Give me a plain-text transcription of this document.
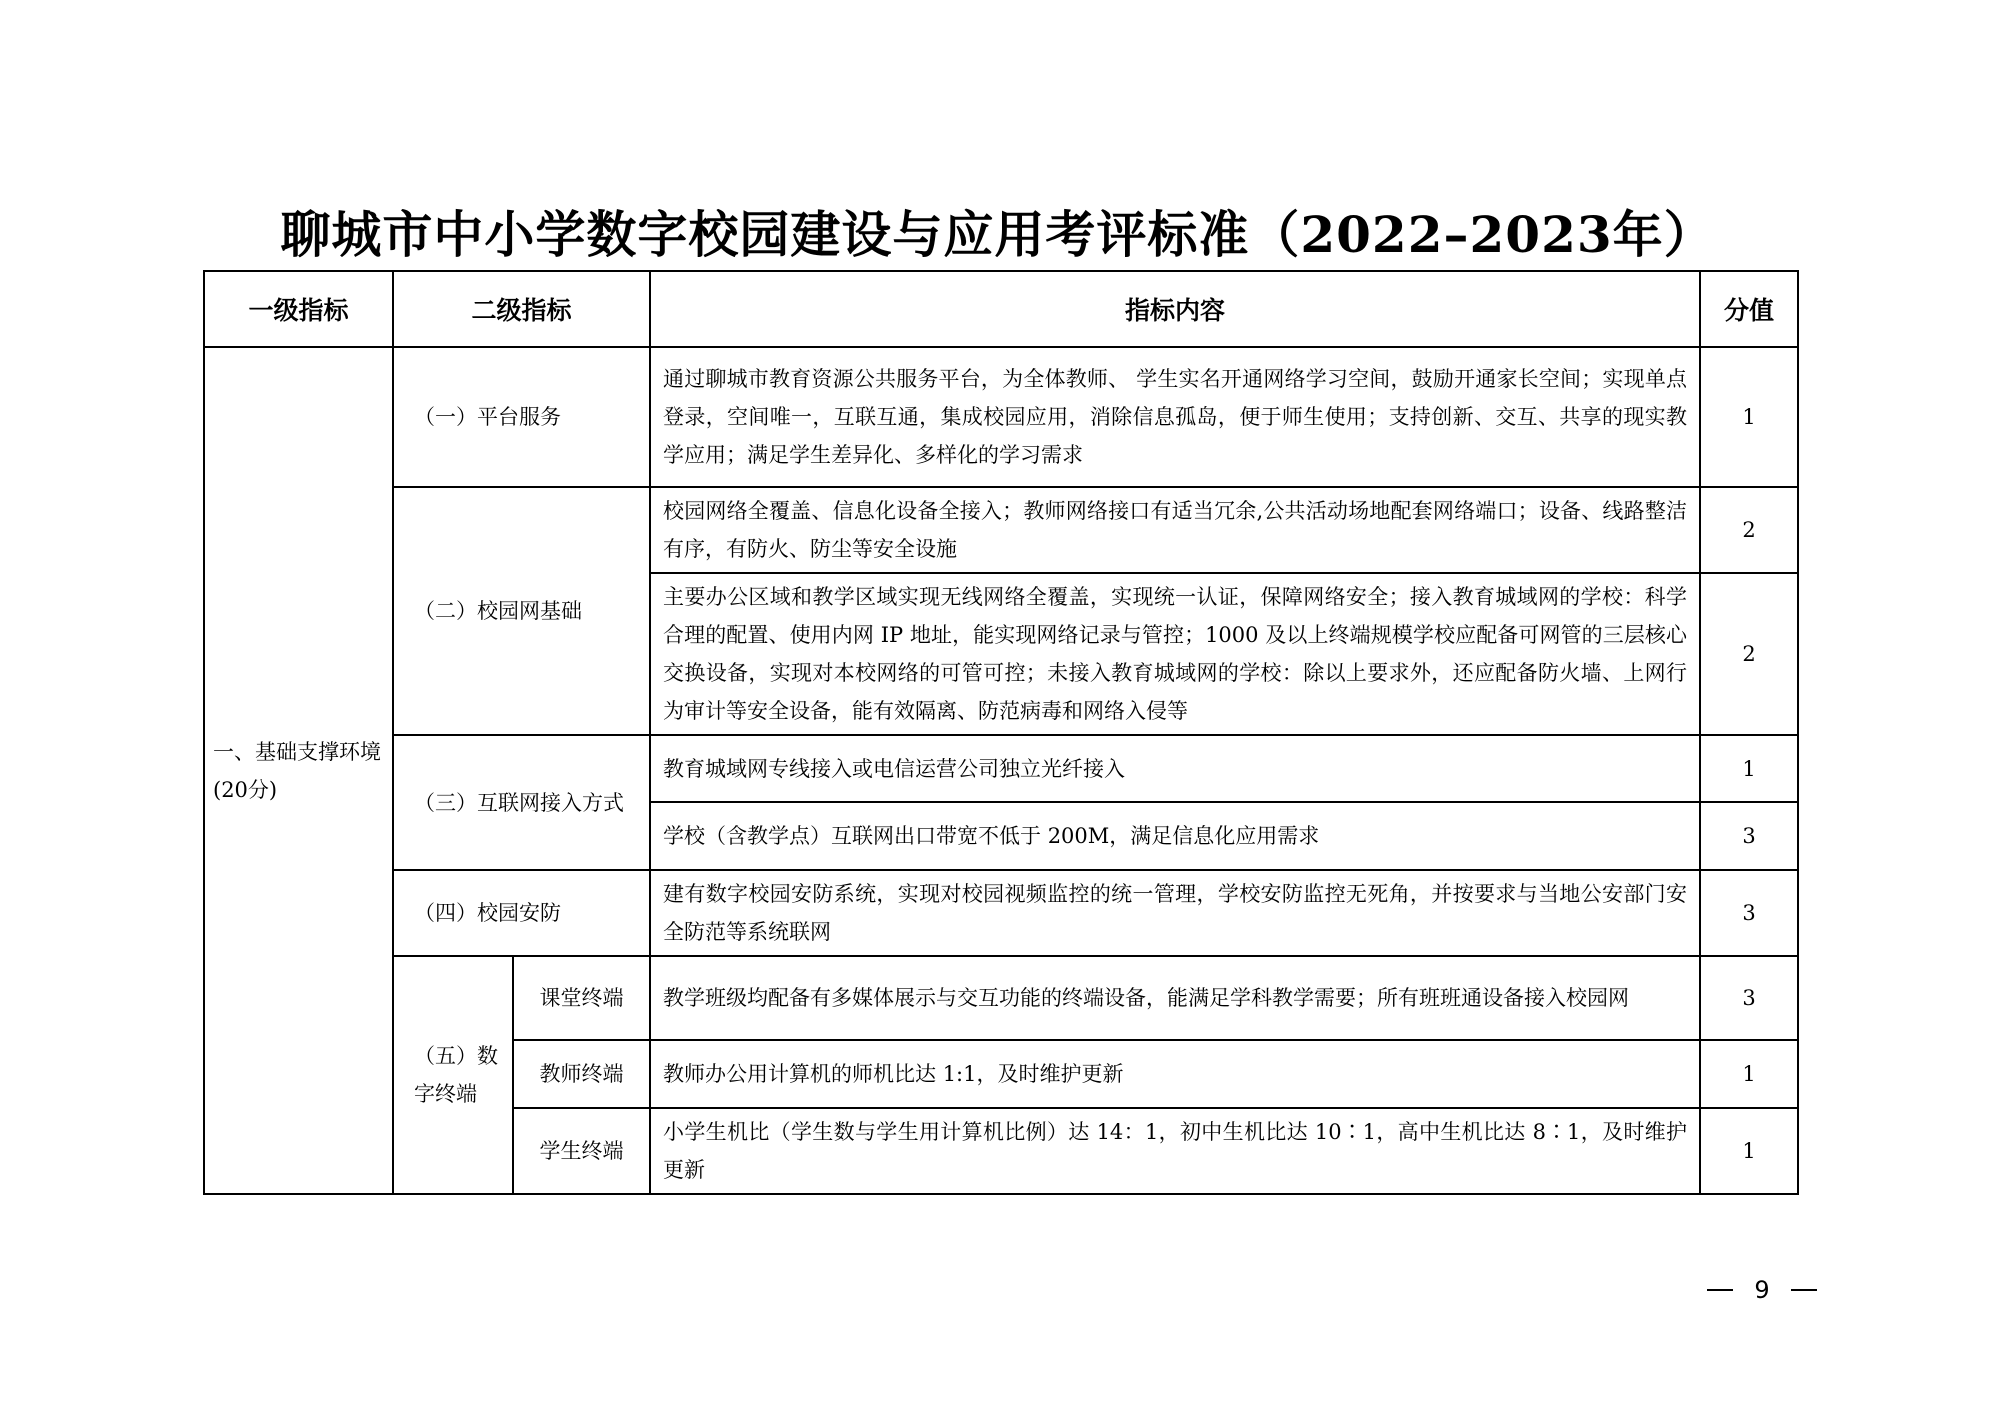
聊城市中小学数字校园建设与应用考评标准（2022–2023年）
一级指标	二级指标		指标内容	分值
一、基础支撑环境(20分)	（一）平台服务		通过聊城市教育资源公共服务平台，为全体教师、 学生实名开通网络学习空间，鼓励开通家长空间；实现单点登录，空间唯一，互联互通，集成校园应用，消除信息孤岛，便于师生使用；支持创新、交互、共享的现实教学应用；满足学生差异化、多样化的学习需求	1
	（二）校园网基础		校园网络全覆盖、信息化设备全接入；教师网络接口有适当冗余,公共活动场地配套网络端口；设备、线路整洁有序，有防火、防尘等安全设施	2
			主要办公区域和教学区域实现无线网络全覆盖，实现统一认证，保障网络安全；接入教育城域网的学校：科学合理的配置、使用内网 IP 地址，能实现网络记录与管控；1000 及以上终端规模学校应配备可网管的三层核心交换设备，实现对本校网络的可管可控；未接入教育城域网的学校：除以上要求外，还应配备防火墙、上网行为审计等安全设备，能有效隔离、防范病毒和网络入侵等	2
	（三）互联网接入方式		教育城域网专线接入或电信运营公司独立光纤接入	1
			学校（含教学点）互联网出口带宽不低于 200M，满足信息化应用需求	3
	（四）校园安防		建有数字校园安防系统，实现对校园视频监控的统一管理，学校安防监控无死角，并按要求与当地公安部门安全防范等系统联网	3
	（五）数字终端	课堂终端	教学班级均配备有多媒体展示与交互功能的终端设备，能满足学科教学需要；所有班班通设备接入校园网	3
		教师终端	教师办公用计算机的师机比达 1:1，及时维护更新	1
		学生终端	小学生机比（学生数与学生用计算机比例）达 14：1，初中生机比达 10∶1，高中生机比达 8∶1，及时维护更新	1
9
